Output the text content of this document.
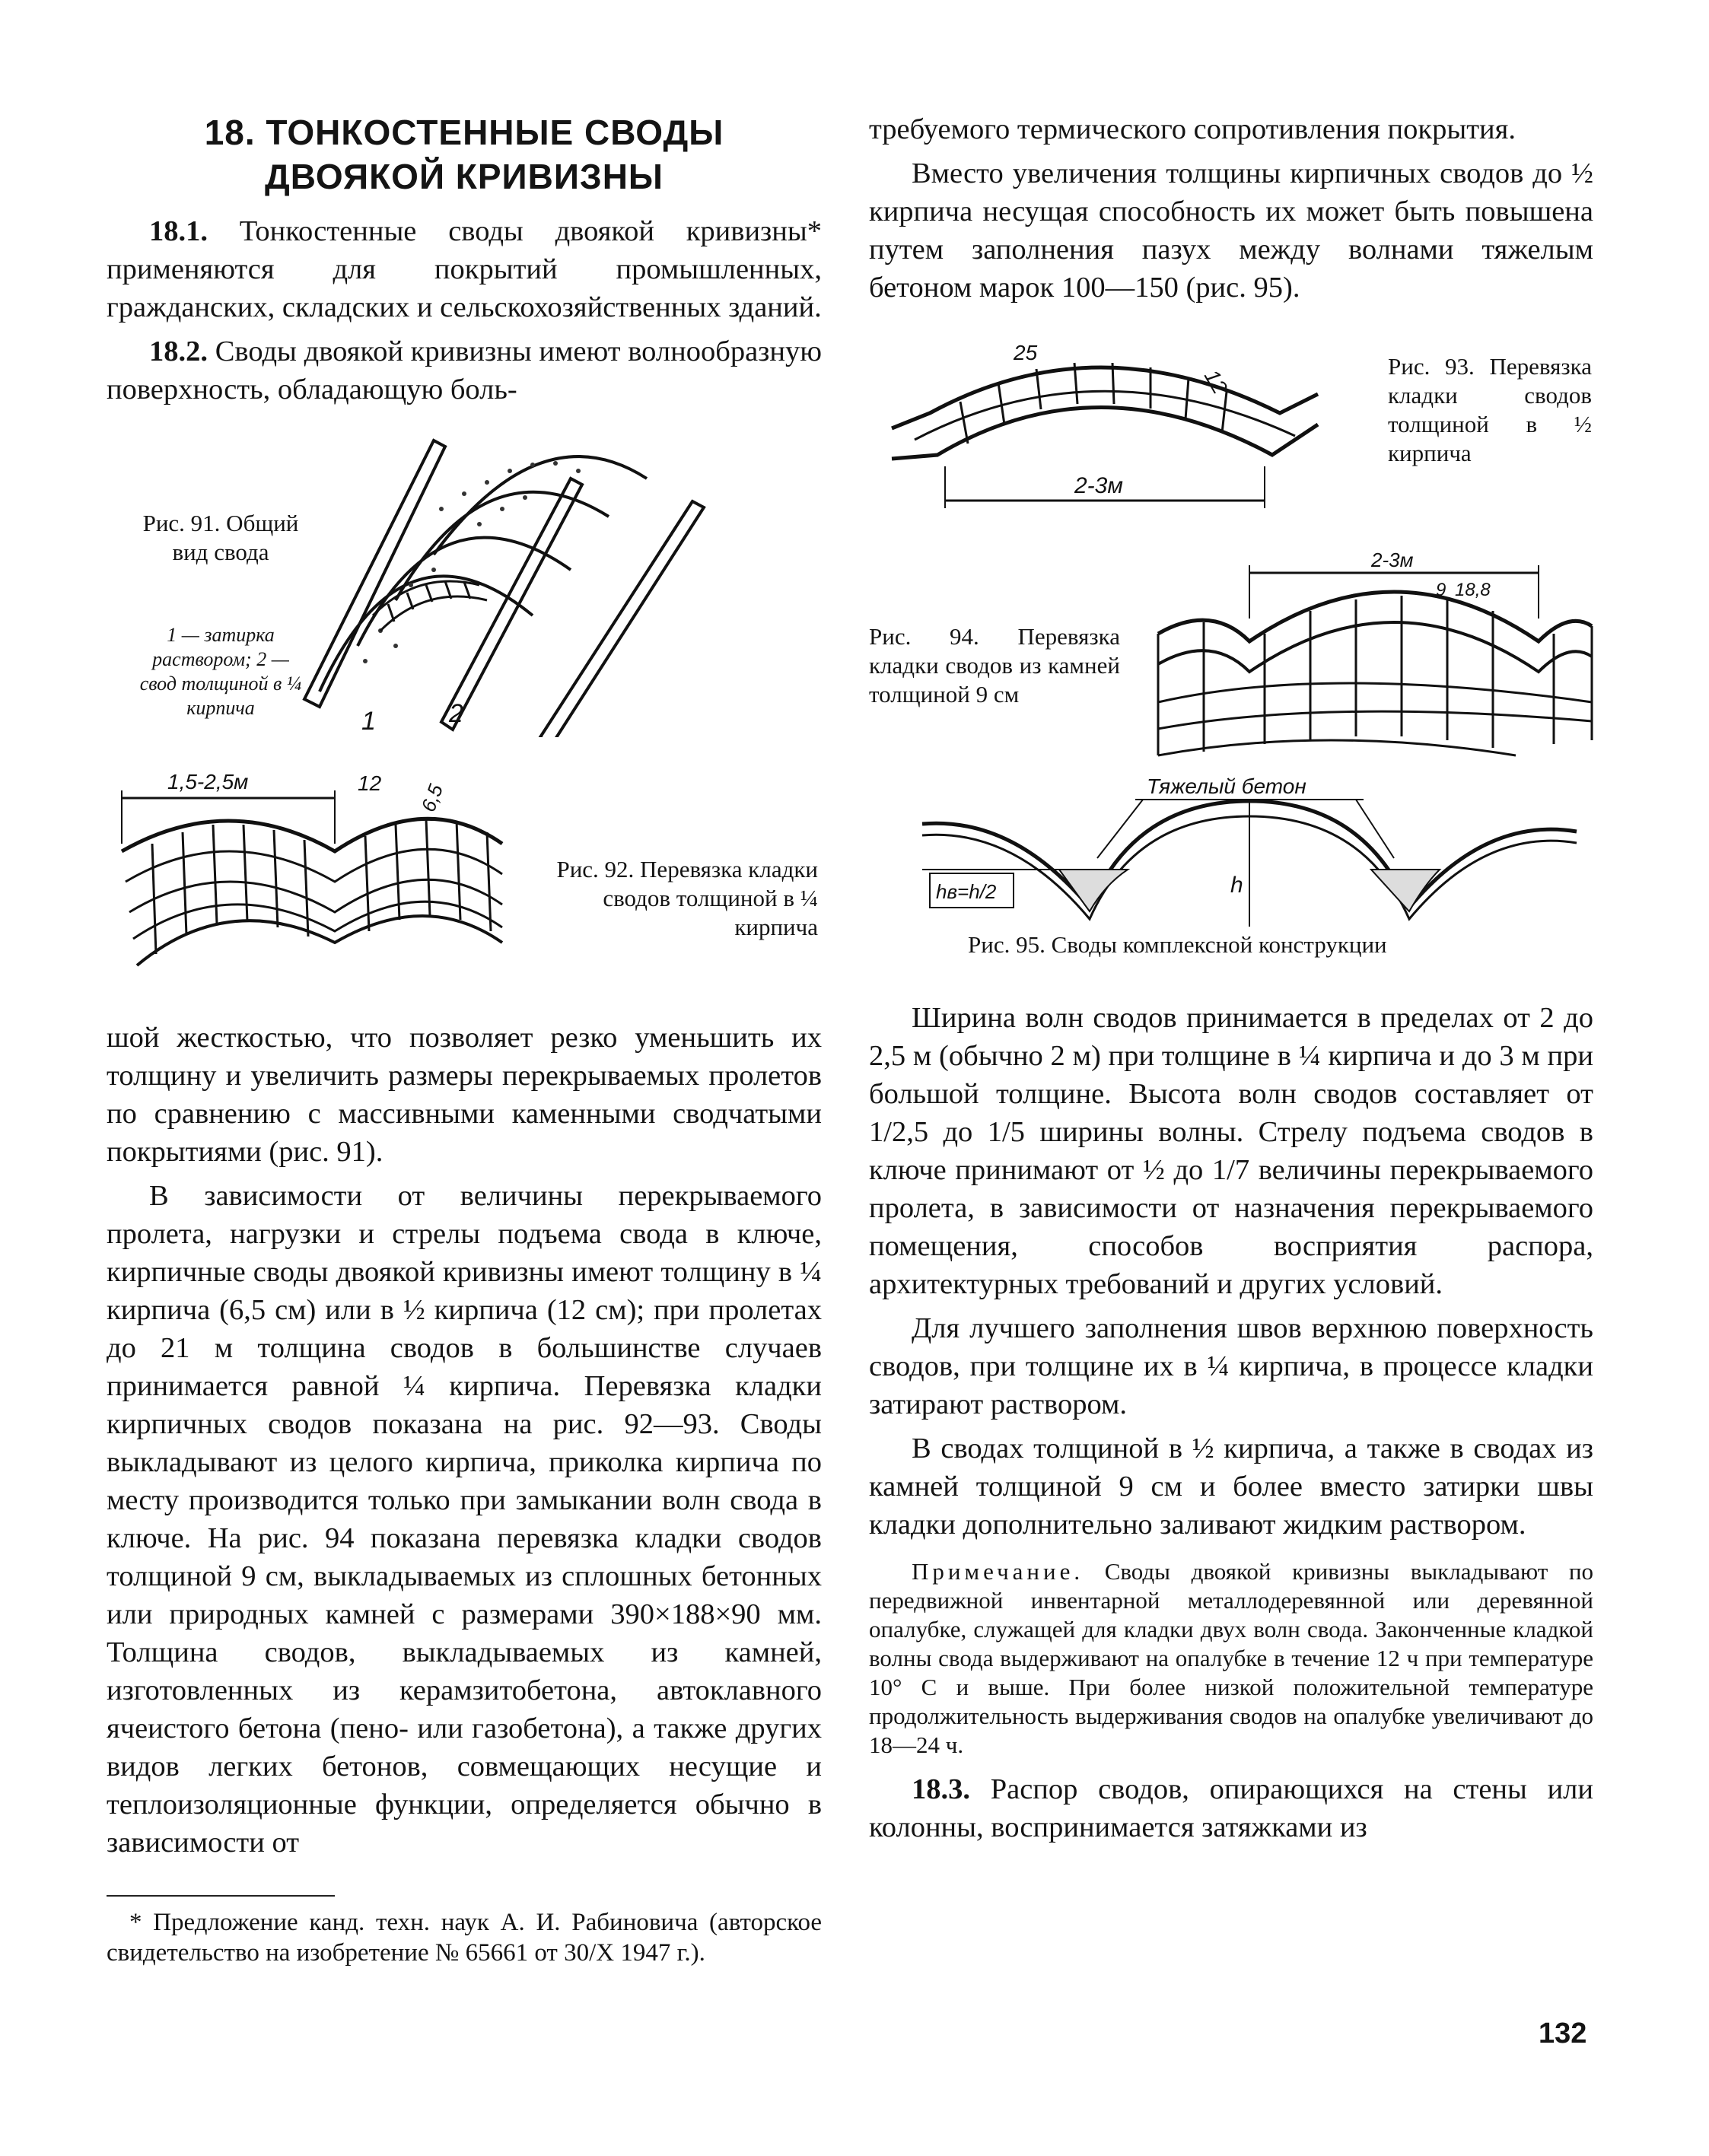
18. ТОНКОСТЕННЫЕ СВОДЫ
ДВОЯКОЙ КРИВИЗНЫ

18.1. Тонкостенные своды двоякой кривизны* применяются для покрытий промышленных, гражданских, складских и сельскохозяйственных зданий.

18.2. Своды двоякой кривизны имеют волнообразную поверхность, обладающую боль-

Рис. 91. Общий вид свода
1 — затирка раствором; 2 — свод толщиной в ¼ кирпича	1	2
1,5-2,5м	12 6,5
Рис. 92. Перевязка кладки сводов толщиной в ¼ кирпича

шой жесткостью, что позволяет резко уменьшить их толщину и увеличить размеры перекрываемых пролетов по сравнению с массивными каменными сводчатыми покрытиями (рис. 91).

В зависимости от величины перекрываемого пролета, нагрузки и стрелы подъема свода в ключе, кирпичные своды двоякой кривизны имеют толщину в ¼ кирпича (6,5 см) или в ½ кирпича (12 см); при пролетах до 21 м толщина сводов в большинстве случаев принимается равной ¼ кирпича. Перевязка кладки кирпичных сводов показана на рис. 92—93. Своды выкладывают из целого кирпича, приколка кирпича по месту производится только при замыкании волн свода в ключе. На рис. 94 показана перевязка кладки сводов толщиной 9 см, выкладываемых из сплошных бетонных или природных камней с размерами 390×188×90 мм. Толщина сводов, выкладываемых из камней, изготовленных из керамзитобетона, автоклавного ячеистого бетона (пено- или газобетона), а также других видов легких бетонов, совмещающих несущие и теплоизоляционные функции, определяется обычно в зависимости от

* Предложение канд. техн. наук А. И. Рабиновича (авторское свидетельство на изобретение № 65661 от 30/X 1947 г.).

требуемого термического сопротивления покрытия.

Вместо увеличения толщины кирпичных сводов до ½ кирпича несущая способность их может быть повышена путем заполнения пазух между волнами тяжелым бетоном марок 100—150 (рис. 95).

25
12
2-3м
Рис. 93. Перевязка кладки сводов толщиной в ½ кирпича
Рис. 94. Перевязка кладки сводов из камней толщиной 9 см
2-3м
9 18,8
Тяжелый бетон
hв=h/2	h
Рис. 95. Своды комплексной конструкции

Ширина волн сводов принимается в пределах от 2 до 2,5 м (обычно 2 м) при толщине в ¼ кирпича и до 3 м при большой толщине. Высота волн сводов составляет от 1/2,5 до 1/5 ширины волны. Стрелу подъема сводов в ключе принимают от ½ до 1/7 величины перекрываемого пролета, в зависимости от назначения перекрываемого помещения, способов восприятия распора, архитектурных требований и других условий.

Для лучшего заполнения швов верхнюю поверхность сводов, при толщине их в ¼ кирпича, в процессе кладки затирают раствором.

В сводах толщиной в ½ кирпича, а также в сводах из камней толщиной 9 см и более вместо затирки швы кладки дополнительно заливают жидким раствором.

Примечание. Своды двоякой кривизны выкладывают по передвижной инвентарной металлодеревянной или деревянной опалубке, служащей для кладки двух волн свода. Законченные кладкой волны свода выдерживают на опалубке в течение 12 ч при температуре 10° С и выше. При более низкой положительной температуре продолжительность выдерживания сводов на опалубке увеличивают до 18—24 ч.

18.3. Распор сводов, опирающихся на стены или колонны, воспринимается затяжками из

132
